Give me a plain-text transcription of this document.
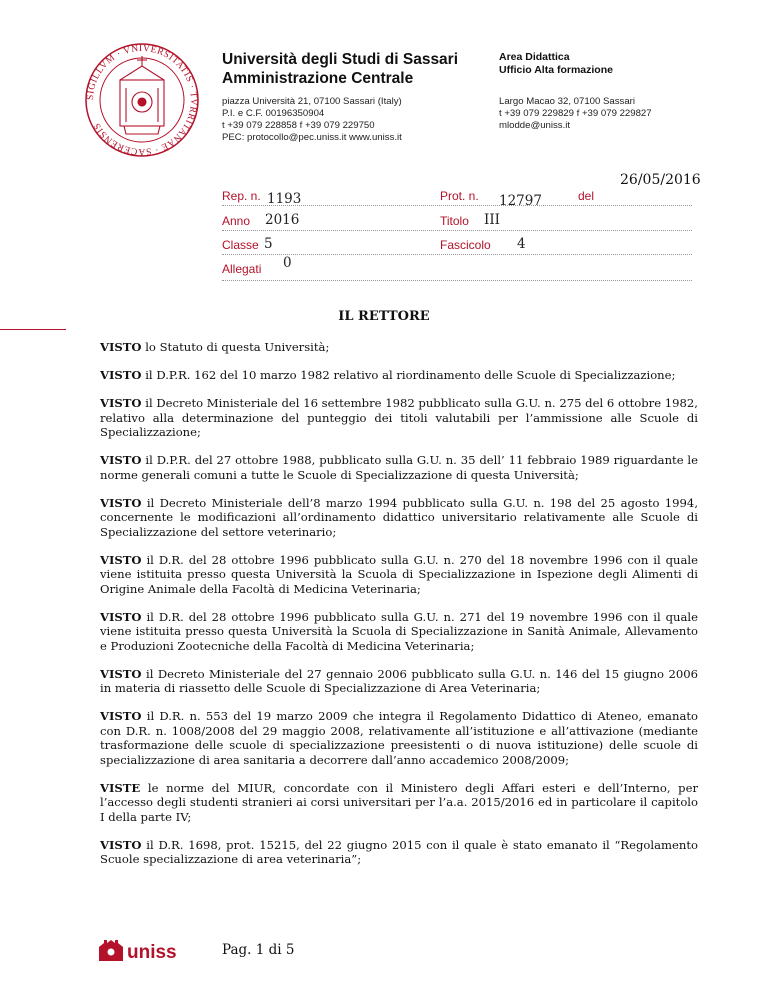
SIGILLVM · VNIVERSITATIS · TVRRITANAE · SACERENSIS
Università degli Studi di Sassari
Amministrazione Centrale
piazza Università 21, 07100 Sassari (Italy)
P.I. e C.F. 00196350904
t +39 079 228858 f +39 079 229750
PEC: protocollo@pec.uniss.it www.uniss.it
Area Didattica
Ufficio Alta formazione
Largo Macao 32, 07100 Sassari
t +39 079 229829 f +39 079 229827
mlodde@uniss.it
26/05/2016
Rep. n. 1193	Prot. n. 12797	del
Anno 2016	Titolo III
Classe 5	Fascicolo 4
Allegati 0
IL RETTORE

VISTO lo Statuto di questa Università;

VISTO il D.P.R. 162 del 10 marzo 1982 relativo al riordinamento delle Scuole di Specializzazione;

VISTO il Decreto Ministeriale del 16 settembre 1982 pubblicato sulla G.U. n. 275 del 6 ottobre 1982, relativo alla determinazione del punteggio dei titoli valutabili per l’ammissione alle Scuole di Specializzazione;

VISTO il D.P.R. del 27 ottobre 1988, pubblicato sulla G.U. n. 35 dell’ 11 febbraio 1989 riguardante le norme generali comuni a tutte le Scuole di Specializzazione di questa Università;

VISTO il Decreto Ministeriale dell’8 marzo 1994 pubblicato sulla G.U. n. 198 del 25 agosto 1994, concernente le modificazioni all’ordinamento didattico universitario relativamente alle Scuole di Specializzazione del settore veterinario;

VISTO il D.R. del 28 ottobre 1996 pubblicato sulla G.U. n. 270 del 18 novembre 1996 con il quale viene istituita presso questa Università la Scuola di Specializzazione in Ispezione degli Alimenti di Origine Animale della Facoltà di Medicina Veterinaria;

VISTO il D.R. del 28 ottobre 1996 pubblicato sulla G.U. n. 271 del 19 novembre 1996 con il quale viene istituita presso questa Università la Scuola di Specializzazione in Sanità Animale, Allevamento e Produzioni Zootecniche della Facoltà di Medicina Veterinaria;

VISTO il Decreto Ministeriale del 27 gennaio 2006 pubblicato sulla G.U. n. 146 del 15 giugno 2006 in materia di riassetto delle Scuole di Specializzazione di Area Veterinaria;

VISTO il D.R. n. 553 del 19 marzo 2009 che integra il Regolamento Didattico di Ateneo, emanato con D.R. n. 1008/2008 del 29 maggio 2008, relativamente all’istituzione e all’attivazione (mediante trasformazione delle scuole di specializzazione preesistenti o di nuova istituzione) delle scuole di specializzazione di area sanitaria a decorrere dall’anno accademico 2008/2009;

VISTE le norme del MIUR, concordate con il Ministero degli Affari esteri e dell’Interno, per l’accesso degli studenti stranieri ai corsi universitari per l’a.a. 2015/2016 ed in particolare il capitolo I della parte IV;

VISTO il D.R. 1698, prot. 15215, del 22 giugno 2015 con il quale è stato emanato il “Regolamento Scuole specializzazione di area veterinaria”;

uniss	Pag. 1 di 5
